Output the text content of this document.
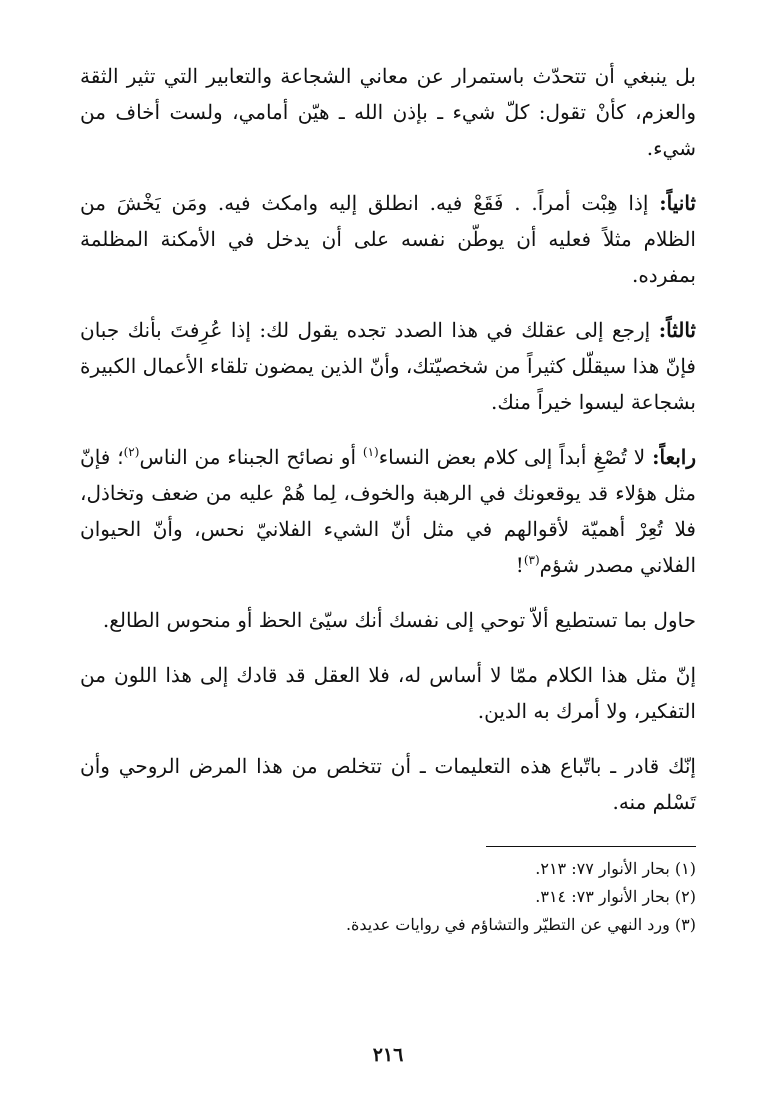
بل ينبغي أن تتحدّث باستمرار عن معاني الشجاعة والتعابير التي تثير الثقة والعزم، كأنْ تقول: كلّ شيء ـ بإذن الله ـ هيّن أمامي، ولست أخاف من شيء.

ثانياً: إذا هِبْت أمراً. . فَقَعْ فيه. انطلق إليه وامكث فيه. ومَن يَخْشَ من الظلام مثلاً فعليه أن يوطّن نفسه على أن يدخل في الأمكنة المظلمة بمفرده.

ثالثاً: إرجع إلى عقلك في هذا الصدد تجده يقول لك: إذا عُرِفتَ بأنك جبان فإنّ هذا سيقلّل كثيراً من شخصيّتك، وأنّ الذين يمضون تلقاء الأعمال الكبيرة بشجاعة ليسوا خيراً منك.

رابعاً: لا تُصْغِ أبداً إلى كلام بعض النساء$^{(١)}$ أو نصائح الجبناء من الناس$^{(٢)}$؛ فإنّ مثل هؤلاء قد يوقعونك في الرهبة والخوف، لِما هُمْ عليه من ضعف وتخاذل، فلا تُعِرْ أهميّة لأقوالهم في مثل أنّ الشيء الفلانيّ نحس، وأنّ الحيوان الفلاني مصدر شؤم$^{(٣)}$!

حاول بما تستطيع ألاّ توحي إلى نفسك أنك سيّئ الحظ أو منحوس الطالع.

إنّ مثل هذا الكلام ممّا لا أساس له، فلا العقل قد قادك إلى هذا اللون من التفكير، ولا أمرك به الدين.

إنّك قادر ـ باتّباع هذه التعليمات ـ أن تتخلص من هذا المرض الروحي وأن تَسْلم منه.

(١) بحار الأنوار ٧٧: ٢١٣.

(٢) بحار الأنوار ٧٣: ٣١٤.

(٣) ورد النهي عن التطيّر والتشاؤم في روايات عديدة.

٢١٦
